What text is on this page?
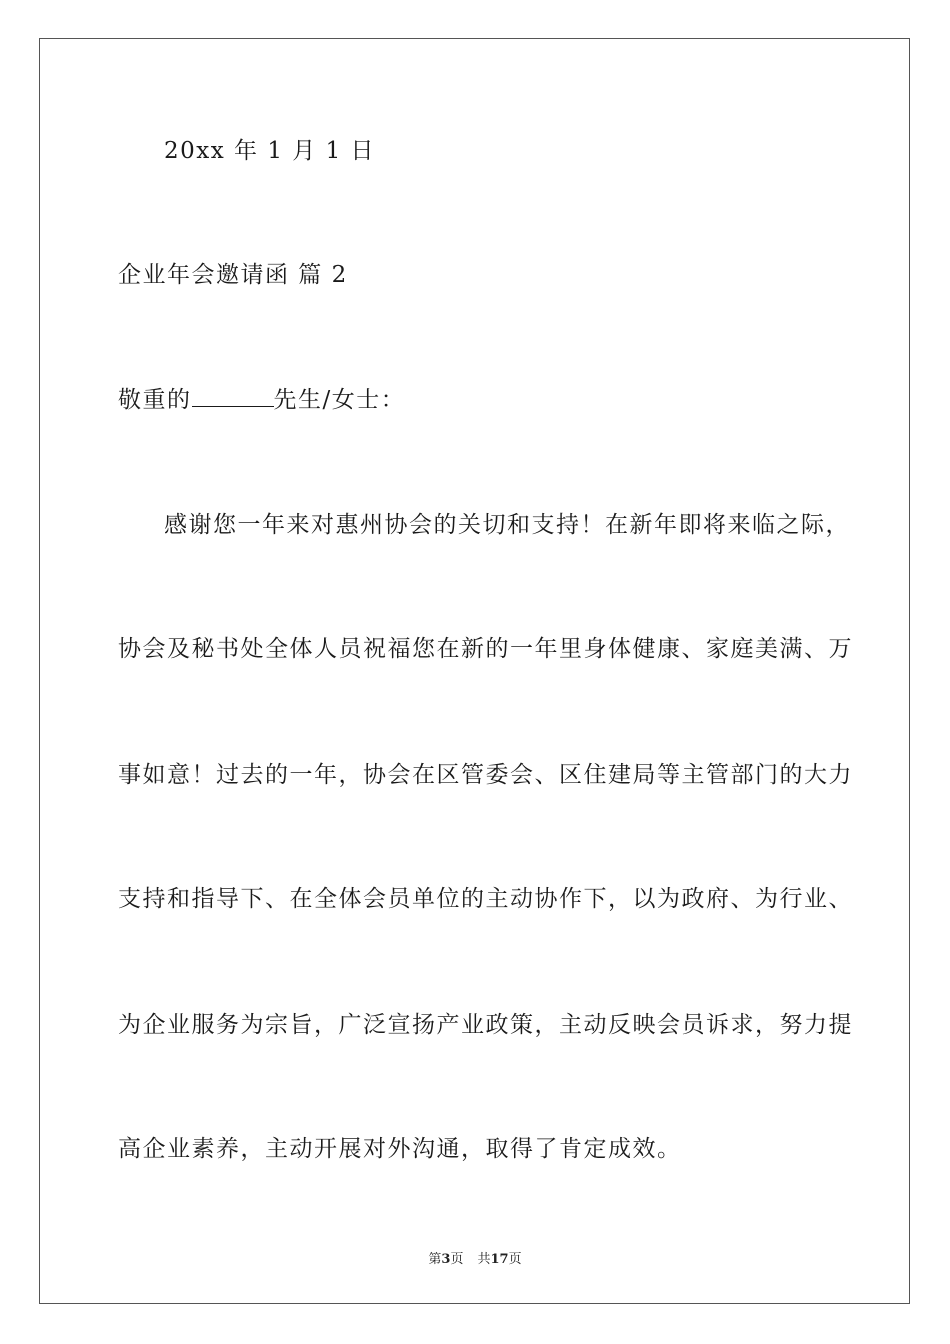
20xx 年 1 月 1 日
企业年会邀请函 篇 2
敬重的	先生/女士：
感谢您一年来对惠州协会的关切和支持！在新年即将来临之际，
协会及秘书处全体人员祝福您在新的一年里身体健康、家庭美满、万
事如意！过去的一年，协会在区管委会、区住建局等主管部门的大力
支持和指导下、在全体会员单位的主动协作下，以为政府、为行业、
为企业服务为宗旨，广泛宣扬产业政策，主动反映会员诉求，努力提
高企业素养，主动开展对外沟通，取得了肯定成效。
第3页 共17页
